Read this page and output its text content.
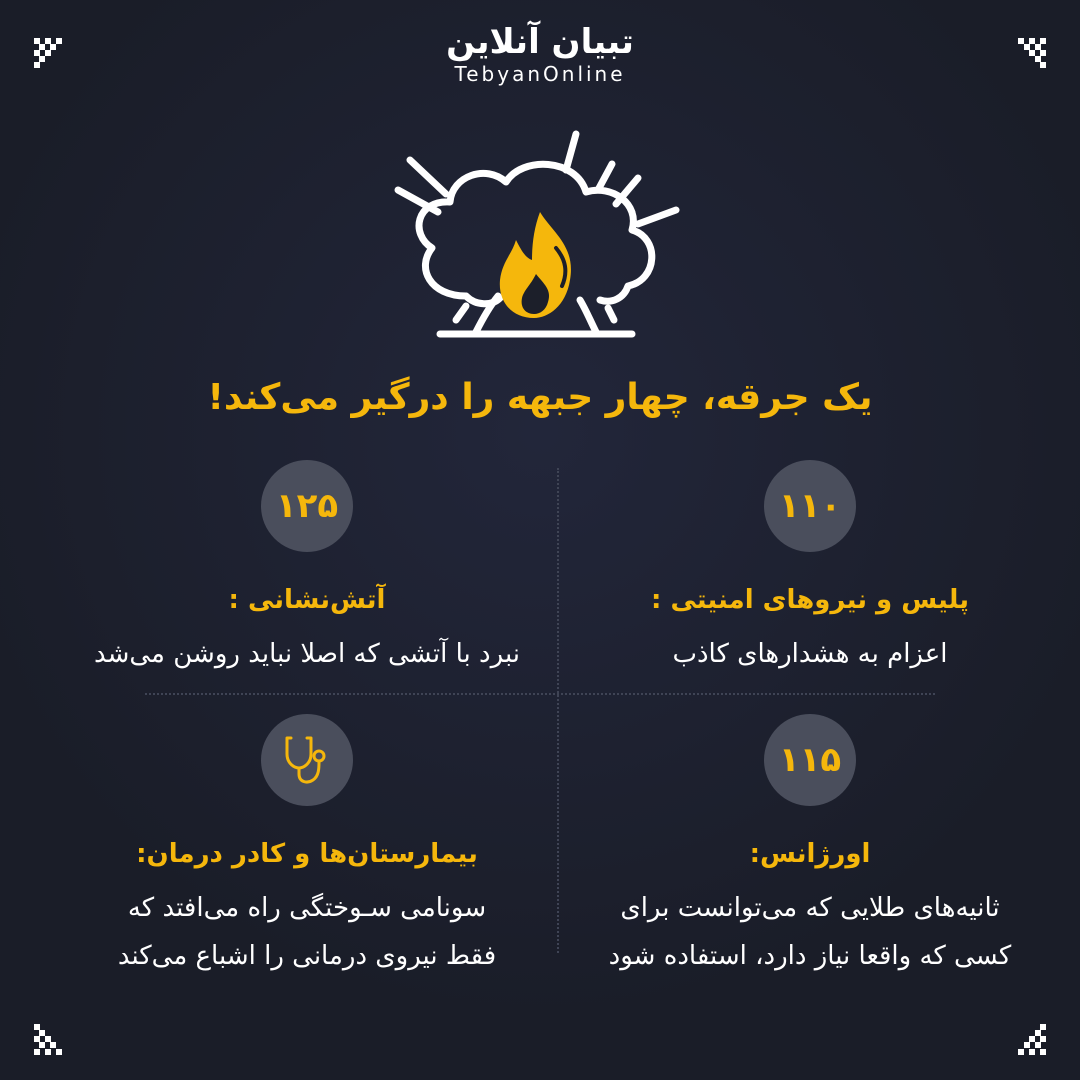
تبیان آنلاین
TebyanOnline
یک جرقه، چهار جبهه را درگیر می‌کند!
۱۱۰
پلیس و نیروهای امنیتی :
اعزام به هشدارهای کاذب
۱۲۵
آتش‌نشانی :
نبرد با آتشی که اصلا نباید روشن می‌شد
۱۱۵
اورژانس:
ثانیه‌های طلایی که می‌توانست برای
کسی که واقعا نیاز دارد، استفاده شود
بیمارستان‌ها و کادر درمان:
سونامی سـوختگی راه می‌افتد که
فقط نیروی درمانی را اشباع می‌کند
